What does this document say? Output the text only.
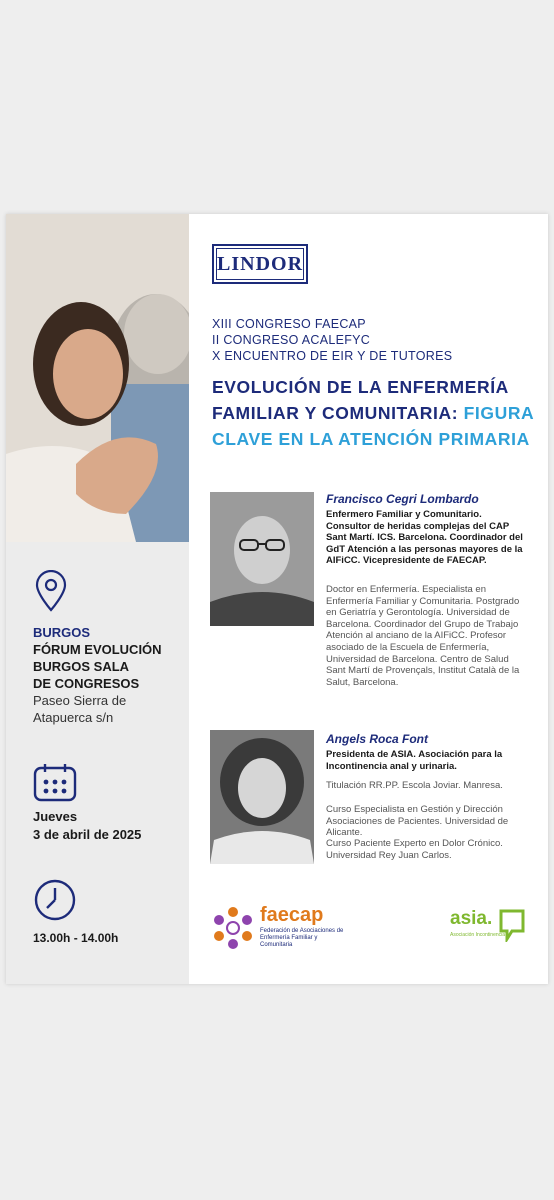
BURGOS
FÓRUM EVOLUCIÓN
BURGOS SALA
DE CONGRESOS
Paseo Sierra de
Atapuerca s/n
Jueves
3 de abril de 2025
13.00h - 14.00h
LINDOR
XIII CONGRESO FAECAP
II CONGRESO ACALEFYC
X ENCUENTRO DE EIR Y DE TUTORES
EVOLUCIÓN DE LA ENFERMERÍA FAMILIAR Y COMUNITARIA: FIGURA CLAVE EN LA ATENCIÓN PRIMARIA
Francisco Cegri Lombardo
Enfermero Familiar y Comunitario. Consultor de heridas complejas del CAP Sant Martí. ICS. Barcelona. Coordinador del GdT Atención a las personas mayores de la AIFiCC. Vicepresidente de FAECAP.
Doctor en Enfermería. Especialista en Enfermería Familiar y Comunitaria. Postgrado en Geriatría y Gerontología. Universidad de Barcelona. Coordinador del Grupo de Trabajo Atención al anciano de la AIFiCC. Profesor asociado de la Escuela de Enfermería, Universidad de Barcelona. Centro de Salud Sant Martí de Provençals, Institut Català de la Salut, Barcelona.
Angels Roca Font
Presidenta de ASIA. Asociación para la Incontinencia anal y urinaria.
Titulación RR.PP. Escola Joviar. Manresa.
Curso Especialista en Gestión y Dirección Asociaciones de Pacientes. Universidad de Alicante.
Curso Paciente Experto en Dolor Crónico. Universidad Rey Juan Carlos.
faecap
Federación de Asociaciones de Enfermería Familiar y Comunitaria
asia.
Asociación Incontinencia
